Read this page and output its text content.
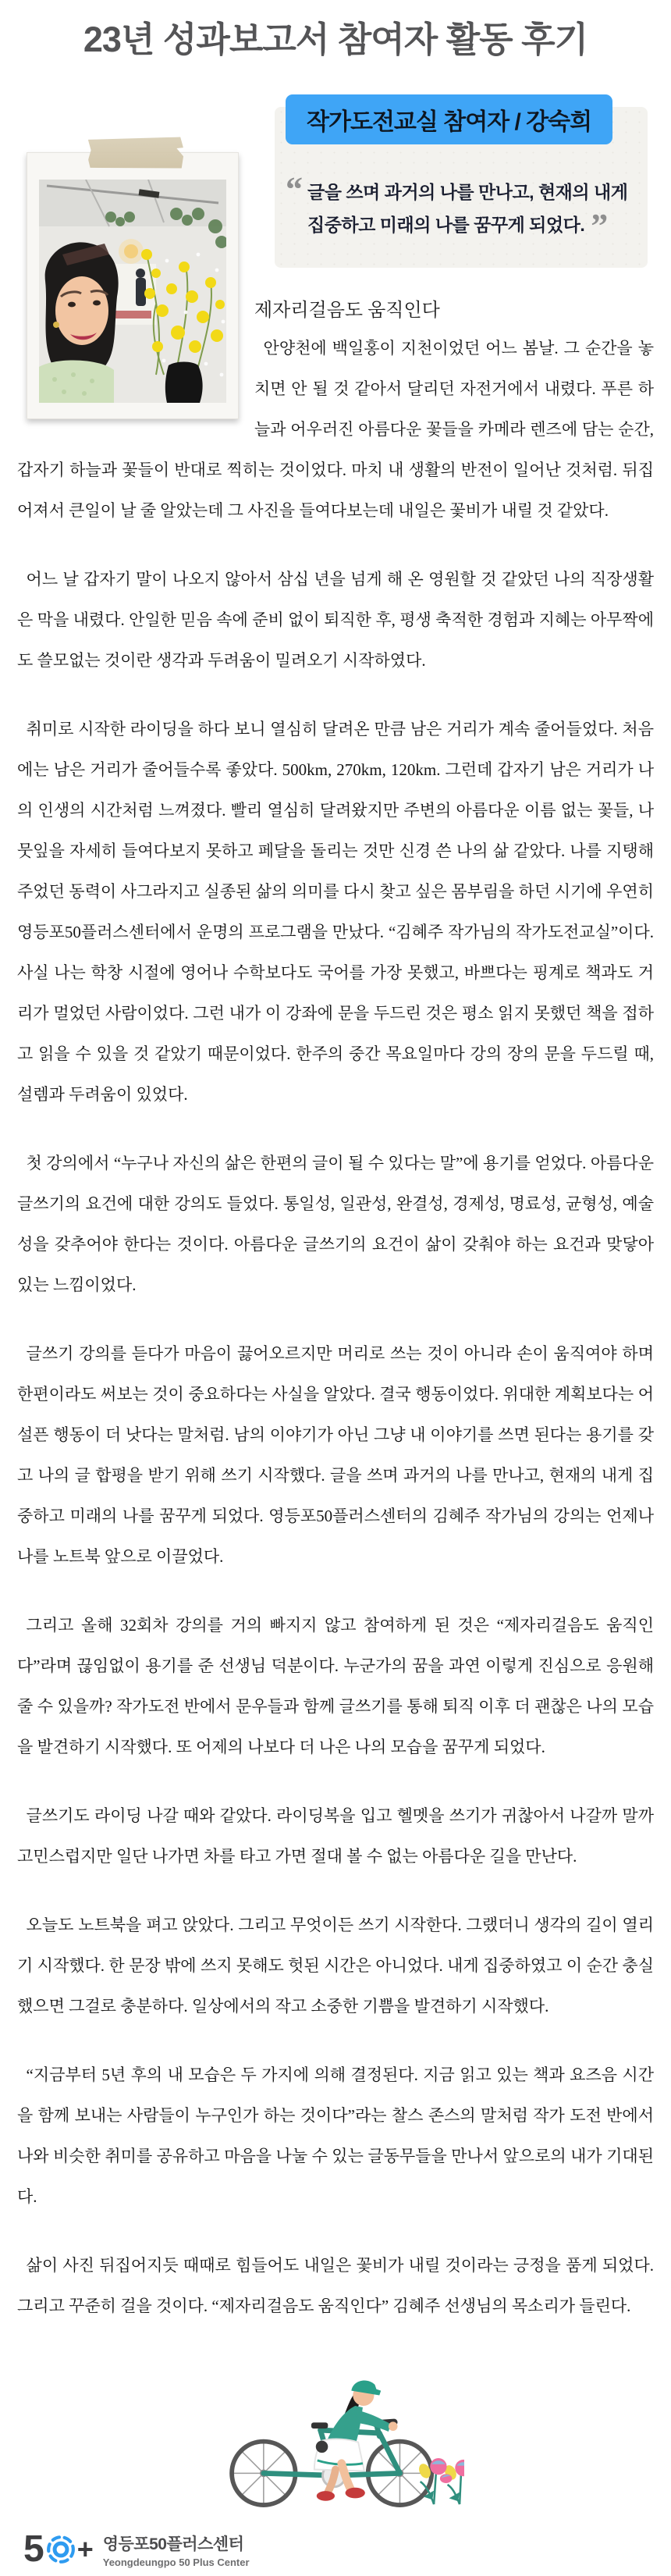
23년 성과보고서 참여자 활동 후기
작가도전교실 참여자 / 강숙희
“ 글을 쓰며 과거의 나를 만나고, 현재의 내게
집중하고 미래의 나를 꿈꾸게 되었다. ”
제자리걸음도 움직인다

안양천에 백일홍이 지천이었던 어느 봄날. 그 순간을 놓치면 안 될 것 같아서 달리던 자전거에서 내렸다. 푸른 하늘과 어우러진 아름다운 꽃들을 카메라 렌즈에 담는 순간, 갑자기 하늘과 꽃들이 반대로 찍히는 것이었다. 마치 내 생활의 반전이 일어난 것처럼. 뒤집어져서 큰일이 날 줄 알았는데 그 사진을 들여다보는데 내일은 꽃비가 내릴 것 같았다.

어느 날 갑자기 말이 나오지 않아서 삼십 년을 넘게 해 온 영원할 것 같았던 나의 직장생활은 막을 내렸다. 안일한 믿음 속에 준비 없이 퇴직한 후, 평생 축적한 경험과 지혜는 아무짝에도 쓸모없는 것이란 생각과 두려움이 밀려오기 시작하였다.

취미로 시작한 라이딩을 하다 보니 열심히 달려온 만큼 남은 거리가 계속 줄어들었다. 처음에는 남은 거리가 줄어들수록 좋았다. 500km, 270km, 120km. 그런데 갑자기 남은 거리가 나의 인생의 시간처럼 느껴졌다. 빨리 열심히 달려왔지만 주변의 아름다운 이름 없는 꽃들, 나뭇잎을 자세히 들여다보지 못하고 페달을 돌리는 것만 신경 쓴 나의 삶 같았다. 나를 지탱해 주었던 동력이 사그라지고 실종된 삶의 의미를 다시 찾고 싶은 몸부림을 하던 시기에 우연히 영등포50플러스센터에서 운명의 프로그램을 만났다. “김혜주 작가님의 작가도전교실”이다. 사실 나는 학창 시절에 영어나 수학보다도 국어를 가장 못했고, 바쁘다는 핑계로 책과도 거리가 멀었던 사람이었다. 그런 내가 이 강좌에 문을 두드린 것은 평소 읽지 못했던 책을 접하고 읽을 수 있을 것 같았기 때문이었다. 한주의 중간 목요일마다 강의 장의 문을 두드릴 때, 설렘과 두려움이 있었다.

첫 강의에서 “누구나 자신의 삶은 한편의 글이 될 수 있다는 말”에 용기를 얻었다. 아름다운 글쓰기의 요건에 대한 강의도 들었다. 통일성, 일관성, 완결성, 경제성, 명료성, 균형성, 예술성을 갖추어야 한다는 것이다. 아름다운 글쓰기의 요건이 삶이 갖춰야 하는 요건과 맞닿아 있는 느낌이었다.

글쓰기 강의를 듣다가 마음이 끓어오르지만 머리로 쓰는 것이 아니라 손이 움직여야 하며 한편이라도 써보는 것이 중요하다는 사실을 알았다. 결국 행동이었다. 위대한 계획보다는 어설픈 행동이 더 낫다는 말처럼. 남의 이야기가 아닌 그냥 내 이야기를 쓰면 된다는 용기를 갖고 나의 글 합평을 받기 위해 쓰기 시작했다. 글을 쓰며 과거의 나를 만나고, 현재의 내게 집중하고 미래의 나를 꿈꾸게 되었다. 영등포50플러스센터의 김혜주 작가님의 강의는 언제나 나를 노트북 앞으로 이끌었다.

그리고 올해 32회차 강의를 거의 빠지지 않고 참여하게 된 것은 “제자리걸음도 움직인다”라며 끊임없이 용기를 준 선생님 덕분이다. 누군가의 꿈을 과연 이렇게 진심으로 응원해 줄 수 있을까? 작가도전 반에서 문우들과 함께 글쓰기를 통해 퇴직 이후 더 괜찮은 나의 모습을 발견하기 시작했다. 또 어제의 나보다 더 나은 나의 모습을 꿈꾸게 되었다.

글쓰기도 라이딩 나갈 때와 같았다. 라이딩복을 입고 헬멧을 쓰기가 귀찮아서 나갈까 말까 고민스럽지만 일단 나가면 차를 타고 가면 절대 볼 수 없는 아름다운 길을 만난다.

오늘도 노트북을 펴고 앉았다. 그리고 무엇이든 쓰기 시작한다. 그랬더니 생각의 길이 열리기 시작했다. 한 문장 밖에 쓰지 못해도 헛된 시간은 아니었다. 내게 집중하였고 이 순간 충실했으면 그걸로 충분하다. 일상에서의 작고 소중한 기쁨을 발견하기 시작했다.

“지금부터 5년 후의 내 모습은 두 가지에 의해 결정된다. 지금 읽고 있는 책과 요즈음 시간을 함께 보내는 사람들이 누구인가 하는 것이다”라는 찰스 존스의 말처럼 작가 도전 반에서 나와 비슷한 취미를 공유하고 마음을 나눌 수 있는 글동무들을 만나서 앞으로의 내가 기대된다.

삶이 사진 뒤집어지듯 때때로 힘들어도 내일은 꽃비가 내릴 것이라는 긍정을 품게 되었다. 그리고 꾸준히 걸을 것이다. “제자리걸음도 움직인다” 김혜주 선생님의 목소리가 들린다.

5 + 영등포50플러스센터
Yeongdeungpo 50 Plus Center
